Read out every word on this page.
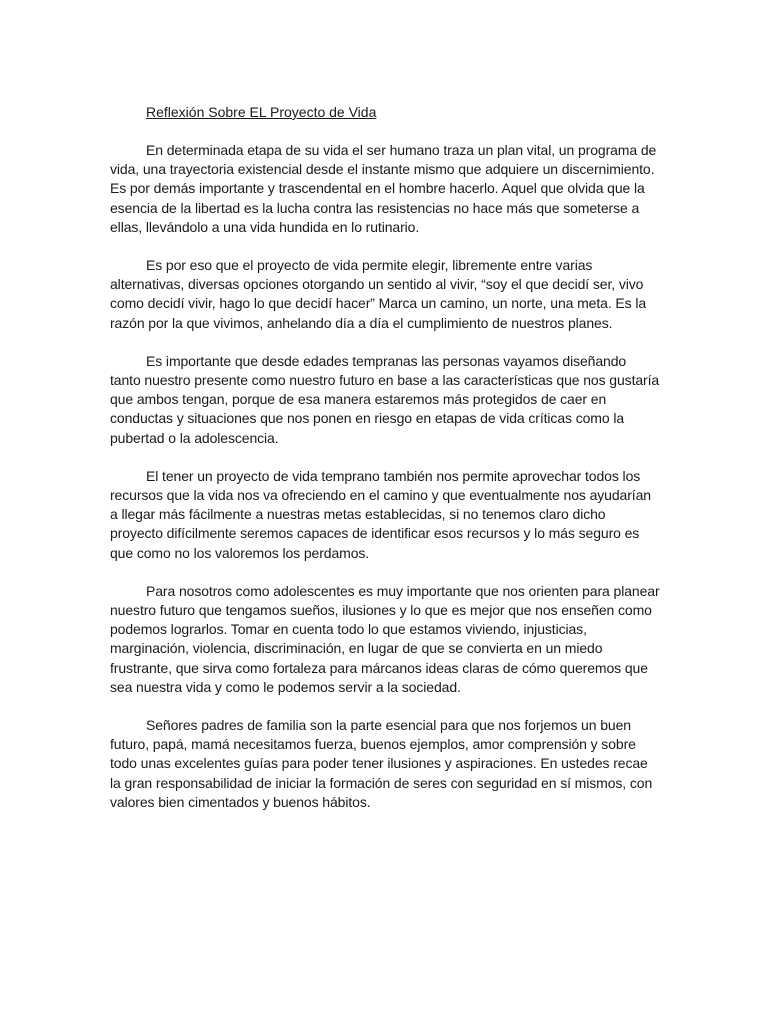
Reflexión Sobre EL Proyecto de Vida

En determinada etapa de su vida el ser humano traza un plan vital, un programa de vida, una trayectoria existencial desde el instante mismo que adquiere un discernimiento. Es por demás importante y trascendental en el hombre hacerlo. Aquel que olvida que la esencia de la libertad es la lucha contra las resistencias no hace más que someterse a ellas, llevándolo a una vida hundida en lo rutinario.

Es por eso que el proyecto de vida permite elegir, libremente entre varias alternativas, diversas opciones otorgando un sentido al vivir, “soy el que decidí ser, vivo como decidí vivir, hago lo que decidí hacer” Marca un camino, un norte, una meta. Es la razón por la que vivimos, anhelando día a día el cumplimiento de nuestros planes.

Es importante que desde edades tempranas las personas vayamos diseñando tanto nuestro presente como nuestro futuro en base a las características que nos gustaría que ambos tengan, porque de esa manera estaremos más protegidos de caer en conductas y situaciones que nos ponen en riesgo en etapas de vida críticas como la pubertad o la adolescencia.

El tener un proyecto de vida temprano también nos permite aprovechar todos los recursos que la vida nos va ofreciendo en el camino y que eventualmente nos ayudarían a llegar más fácilmente a nuestras metas establecidas, si no tenemos claro dicho proyecto difícilmente seremos capaces de identificar esos recursos y lo más seguro es que como no los valoremos los perdamos.

Para nosotros como adolescentes es muy importante que nos orienten para planear nuestro futuro que tengamos sueños, ilusiones y lo que es mejor que nos enseñen como podemos lograrlos. Tomar en cuenta todo lo que estamos viviendo, injusticias, marginación, violencia, discriminación, en lugar de que se convierta en un miedo frustrante, que sirva como fortaleza para márcanos ideas claras de cómo queremos que sea nuestra vida y como le podemos servir a la sociedad.

Señores padres de familia son la parte esencial para que nos forjemos un buen futuro, papá, mamá necesitamos fuerza, buenos ejemplos, amor comprensión y sobre todo unas excelentes guías para poder tener ilusiones y aspiraciones. En ustedes recae la gran responsabilidad de iniciar la formación de seres con seguridad en sí mismos, con valores bien cimentados y buenos hábitos.
